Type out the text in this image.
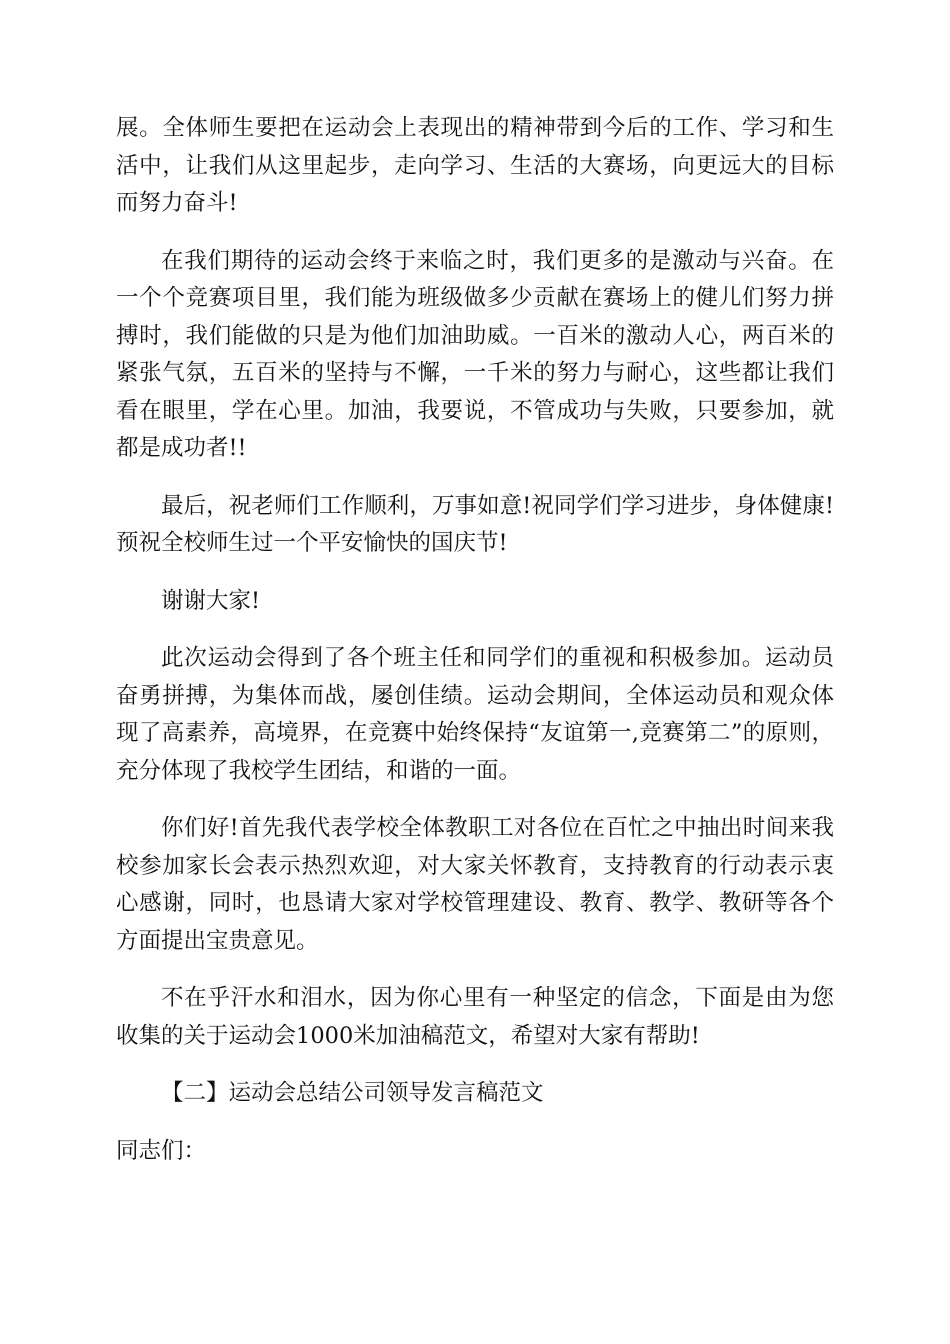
展。全体师生要把在运动会上表现出的精神带到今后的工作、学习和生活中，让我们从这里起步，走向学习、生活的大赛场，向更远大的目标而努力奋斗!

在我们期待的运动会终于来临之时，我们更多的是激动与兴奋。在一个个竞赛项目里，我们能为班级做多少贡献在赛场上的健儿们努力拼搏时，我们能做的只是为他们加油助威。一百米的激动人心，两百米的紧张气氛，五百米的坚持与不懈，一千米的努力与耐心，这些都让我们看在眼里，学在心里。加油，我要说，不管成功与失败，只要参加，就都是成功者!!

最后，祝老师们工作顺利，万事如意!祝同学们学习进步，身体健康!预祝全校师生过一个平安愉快的国庆节!

谢谢大家!

此次运动会得到了各个班主任和同学们的重视和积极参加。运动员奋勇拼搏，为集体而战，屡创佳绩。运动会期间，全体运动员和观众体现了高素养，高境界，在竞赛中始终保持“友谊第一,竞赛第二”的原则，充分体现了我校学生团结，和谐的一面。

你们好!首先我代表学校全体教职工对各位在百忙之中抽出时间来我校参加家长会表示热烈欢迎，对大家关怀教育，支持教育的行动表示衷心感谢，同时，也恳请大家对学校管理建设、教育、教学、教研等各个方面提出宝贵意见。

不在乎汗水和泪水，因为你心里有一种坚定的信念，下面是由为您收集的关于运动会1000米加油稿范文，希望对大家有帮助!

【二】运动会总结公司领导发言稿范文

同志们：
